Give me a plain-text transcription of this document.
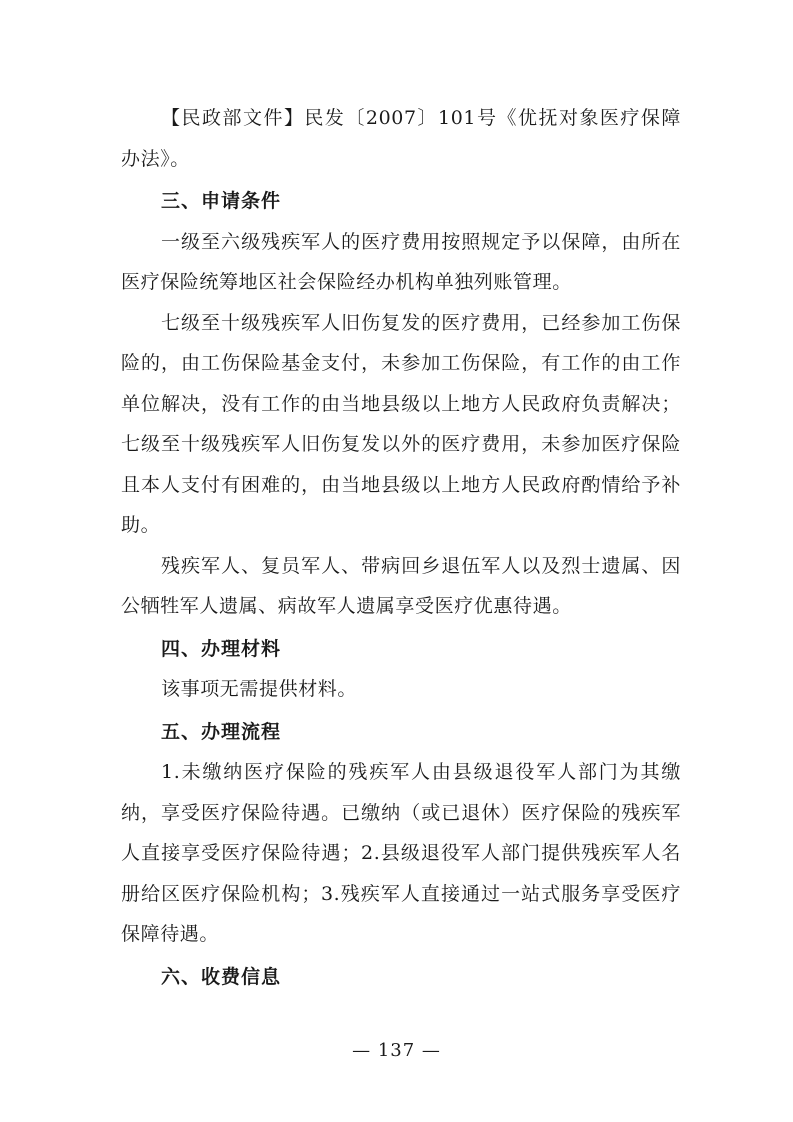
【民政部文件】民发〔2007〕101号《优抚对象医疗保障办法》。

三、申请条件

一级至六级残疾军人的医疗费用按照规定予以保障，由所在医疗保险统筹地区社会保险经办机构单独列账管理。

七级至十级残疾军人旧伤复发的医疗费用，已经参加工伤保险的，由工伤保险基金支付，未参加工伤保险，有工作的由工作单位解决，没有工作的由当地县级以上地方人民政府负责解决；七级至十级残疾军人旧伤复发以外的医疗费用，未参加医疗保险且本人支付有困难的，由当地县级以上地方人民政府酌情给予补助。

残疾军人、复员军人、带病回乡退伍军人以及烈士遗属、因公牺牲军人遗属、病故军人遗属享受医疗优惠待遇。

四、办理材料

该事项无需提供材料。

五、办理流程

1.未缴纳医疗保险的残疾军人由县级退役军人部门为其缴纳，享受医疗保险待遇。已缴纳（或已退休）医疗保险的残疾军人直接享受医疗保险待遇；2.县级退役军人部门提供残疾军人名册给区医疗保险机构；3.残疾军人直接通过一站式服务享受医疗保障待遇。

六、收费信息

— 137 —
